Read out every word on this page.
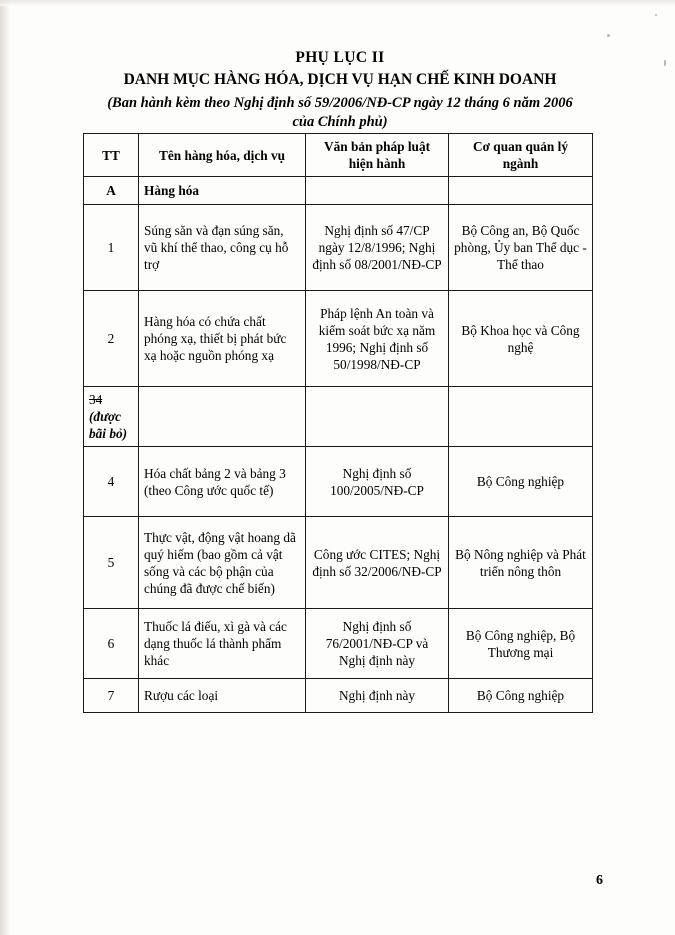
PHỤ LỤC II
DANH MỤC HÀNG HÓA, DỊCH VỤ HẠN CHẾ KINH DOANH
(Ban hành kèm theo Nghị định số 59/2006/NĐ-CP ngày 12 tháng 6 năm 2006
của Chính phủ)
TT	Tên hàng hóa, dịch vụ	Văn bản pháp luật hiện hành	Cơ quan quản lý ngành
A	Hàng hóa		
1	Súng săn và đạn súng săn, vũ khí thể thao, công cụ hỗ trợ	Nghị định số 47/CP ngày 12/8/1996; Nghị định số 08/2001/NĐ-CP	Bộ Công an, Bộ Quốc phòng, Ủy ban Thể dục -Thể thao
2	Hàng hóa có chứa chất phóng xạ, thiết bị phát bức xạ hoặc nguồn phóng xạ	Pháp lệnh An toàn và kiểm soát bức xạ năm 1996; Nghị định số 50/1998/NĐ-CP	Bộ Khoa học và Công nghệ
34 (được bãi bỏ)			
4	Hóa chất bảng 2 và bảng 3 (theo Công ước quốc tế)	Nghị định số 100/2005/NĐ-CP	Bộ Công nghiệp
5	Thực vật, động vật hoang dã quý hiếm (bao gồm cả vật sống và các bộ phận của chúng đã được chế biến)	Công ước CITES; Nghị định số 32/2006/NĐ-CP	Bộ Nông nghiệp và Phát triển nông thôn
6	Thuốc lá điếu, xì gà và các dạng thuốc lá thành phẩm khác	Nghị định số 76/2001/NĐ-CP và Nghị định này	Bộ Công nghiệp, Bộ Thương mại
7	Rượu các loại	Nghị định này	Bộ Công nghiệp
6
